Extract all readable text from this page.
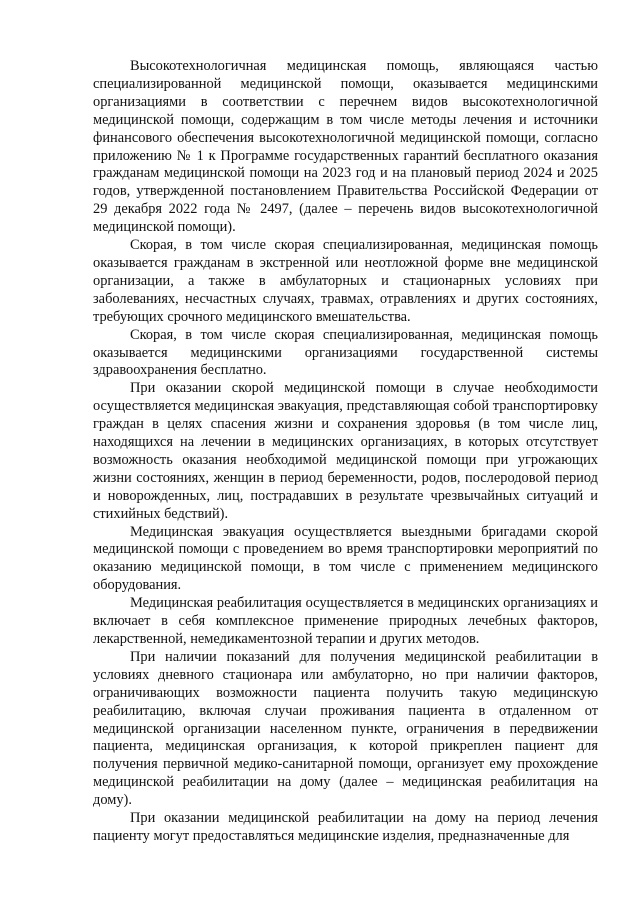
Высокотехнологичная медицинская помощь, являющаяся частью специализированной медицинской помощи, оказывается медицинскими организациями в соответствии с перечнем видов высокотехнологичной медицинской помощи, содержащим в том числе методы лечения и источники финансового обеспечения высокотехнологичной медицинской помощи, согласно приложению № 1 к Программе государственных гарантий бесплатного оказания гражданам медицинской помощи на 2023 год и на плановый период 2024 и 2025 годов, утвержденной постановлением Правительства Российской Федерации от 29 декабря 2022 года № 2497, (далее – перечень видов высокотехнологичной медицинской помощи).

Скорая, в том числе скорая специализированная, медицинская помощь оказывается гражданам в экстренной или неотложной форме вне медицинской организации, а также в амбулаторных и стационарных условиях при заболеваниях, несчастных случаях, травмах, отравлениях и других состояниях, требующих срочного медицинского вмешательства.

Скорая, в том числе скорая специализированная, медицинская помощь оказывается медицинскими организациями государственной системы здравоохранения бесплатно.

При оказании скорой медицинской помощи в случае необходимости осуществляется медицинская эвакуация, представляющая собой транспортировку граждан в целях спасения жизни и сохранения здоровья (в том числе лиц, находящихся на лечении в медицинских организациях, в которых отсутствует возможность оказания необходимой медицинской помощи при угрожающих жизни состояниях, женщин в период беременности, родов, послеродовой период и новорожденных, лиц, пострадавших в результате чрезвычайных ситуаций и стихийных бедствий).

Медицинская эвакуация осуществляется выездными бригадами скорой медицинской помощи с проведением во время транспортировки мероприятий по оказанию медицинской помощи, в том числе с применением медицинского оборудования.

Медицинская реабилитация осуществляется в медицинских организациях и включает в себя комплексное применение природных лечебных факторов, лекарственной, немедикаментозной терапии и других методов.

При наличии показаний для получения медицинской реабилитации в условиях дневного стационара или амбулаторно, но при наличии факторов, ограничивающих возможности пациента получить такую медицинскую реабилитацию, включая случаи проживания пациента в отдаленном от медицинской организации населенном пункте, ограничения в передвижении пациента, медицинская организация, к которой прикреплен пациент для получения первичной медико-санитарной помощи, организует ему прохождение медицинской реабилитации на дому (далее – медицинская реабилитация на дому).

При оказании медицинской реабилитации на дому на период лечения пациенту могут предоставляться медицинские изделия, предназначенные для
